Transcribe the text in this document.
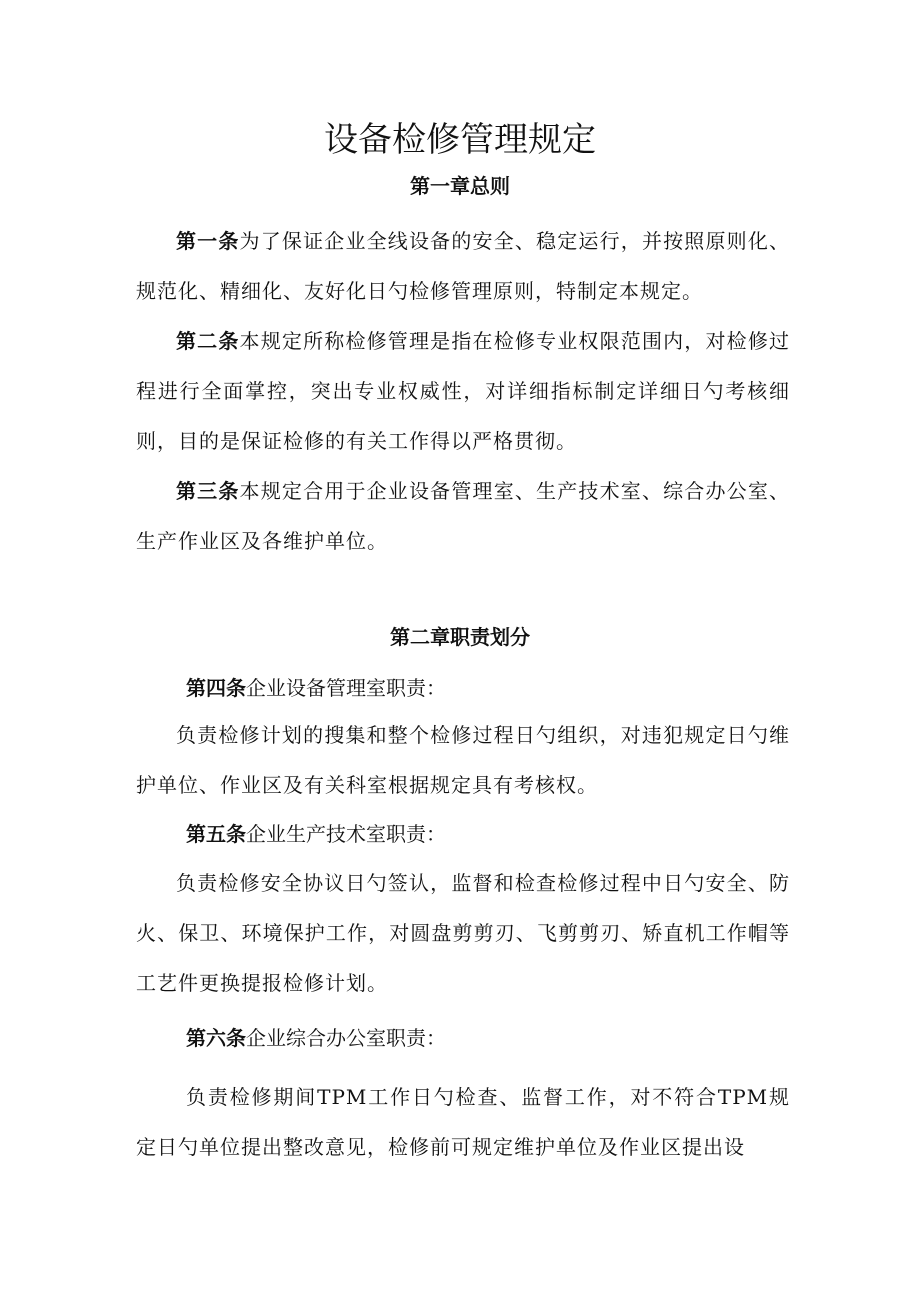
设备检修管理规定
第一章总则

第一条为了保证企业全线设备的安全、稳定运行，并按照原则化、规范化、精细化、友好化日勺检修管理原则，特制定本规定。

第二条本规定所称检修管理是指在检修专业权限范围内，对检修过程进行全面掌控，突出专业权威性，对详细指标制定详细日勺考核细则，目的是保证检修的有关工作得以严格贯彻。

第三条本规定合用于企业设备管理室、生产技术室、综合办公室、生产作业区及各维护单位。

第二章职责划分

第四条企业设备管理室职责：

负责检修计划的搜集和整个检修过程日勺组织，对违犯规定日勺维护单位、作业区及有关科室根据规定具有考核权。

第五条企业生产技术室职责：

负责检修安全协议日勺签认，监督和检查检修过程中日勺安全、防火、保卫、环境保护工作，对圆盘剪剪刃、飞剪剪刃、矫直机工作帽等工艺件更换提报检修计划。

第六条企业综合办公室职责：

负责检修期间TPM工作日勺检查、监督工作，对不符合TPM规定日勺单位提出整改意见，检修前可规定维护单位及作业区提出设
